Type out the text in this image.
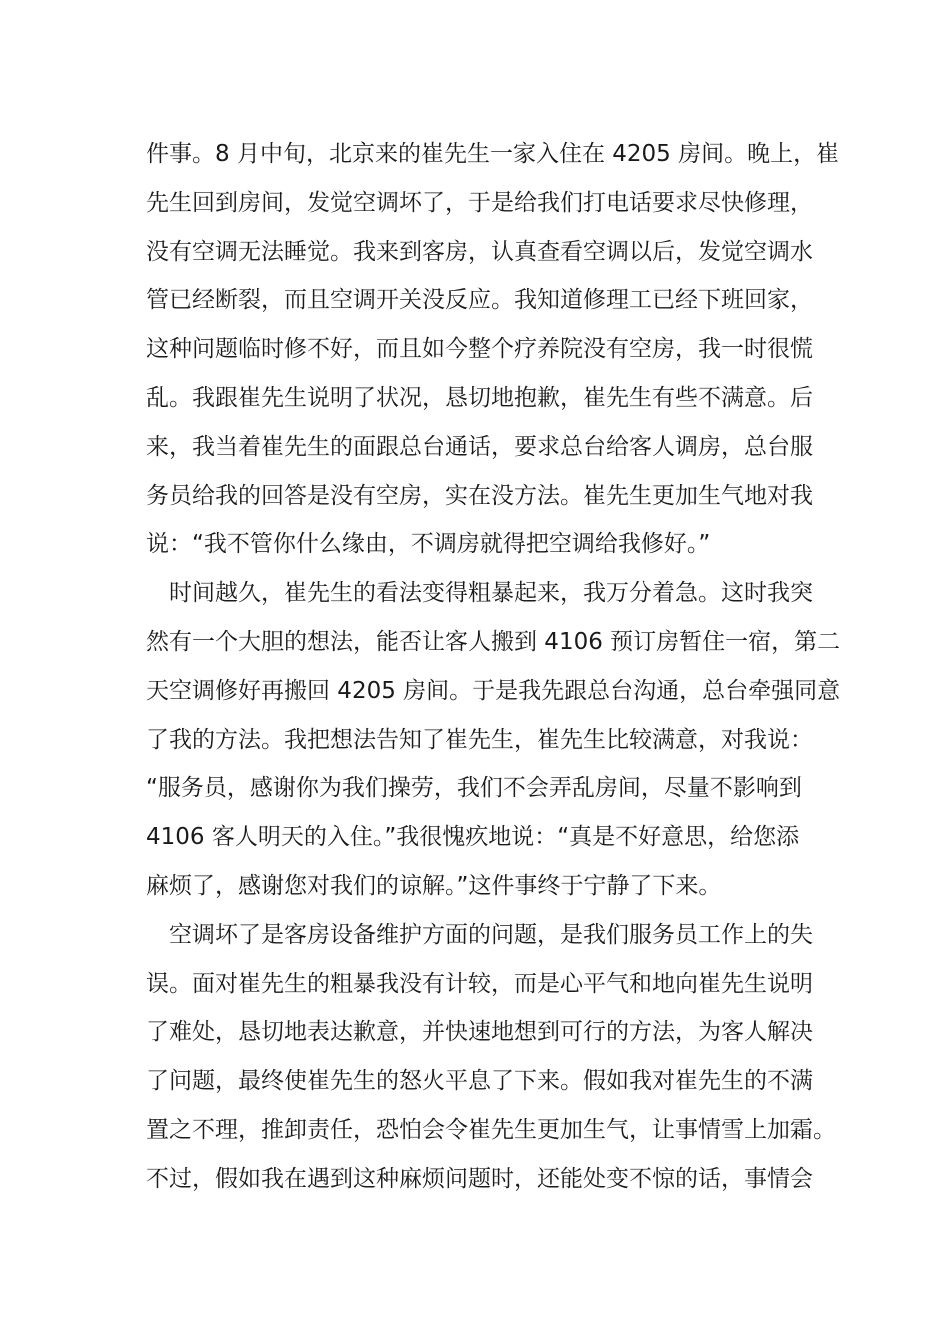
件事。8 月中旬，北京来的崔先生一家入住在 4205 房间。晚上，崔
先生回到房间，发觉空调坏了，于是给我们打电话要求尽快修理，
没有空调无法睡觉。我来到客房，认真查看空调以后，发觉空调水
管已经断裂，而且空调开关没反应。我知道修理工已经下班回家，
这种问题临时修不好，而且如今整个疗养院没有空房，我一时很慌
乱。我跟崔先生说明了状况，恳切地抱歉，崔先生有些不满意。后
来，我当着崔先生的面跟总台通话，要求总台给客人调房，总台服
务员给我的回答是没有空房，实在没方法。崔先生更加生气地对我
说：“我不管你什么缘由，不调房就得把空调给我修好。”
时间越久，崔先生的看法变得粗暴起来，我万分着急。这时我突
然有一个大胆的想法，能否让客人搬到 4106 预订房暂住一宿，第二
天空调修好再搬回 4205 房间。于是我先跟总台沟通，总台牵强同意
了我的方法。我把想法告知了崔先生，崔先生比较满意，对我说：
“服务员，感谢你为我们操劳，我们不会弄乱房间，尽量不影响到
4106 客人明天的入住。”我很愧疚地说：“真是不好意思，给您添
麻烦了，感谢您对我们的谅解。”这件事终于宁静了下来。
空调坏了是客房设备维护方面的问题，是我们服务员工作上的失
误。面对崔先生的粗暴我没有计较，而是心平气和地向崔先生说明
了难处，恳切地表达歉意，并快速地想到可行的方法，为客人解决
了问题，最终使崔先生的怒火平息了下来。假如我对崔先生的不满
置之不理，推卸责任，恐怕会令崔先生更加生气，让事情雪上加霜。
不过，假如我在遇到这种麻烦问题时，还能处变不惊的话，事情会
